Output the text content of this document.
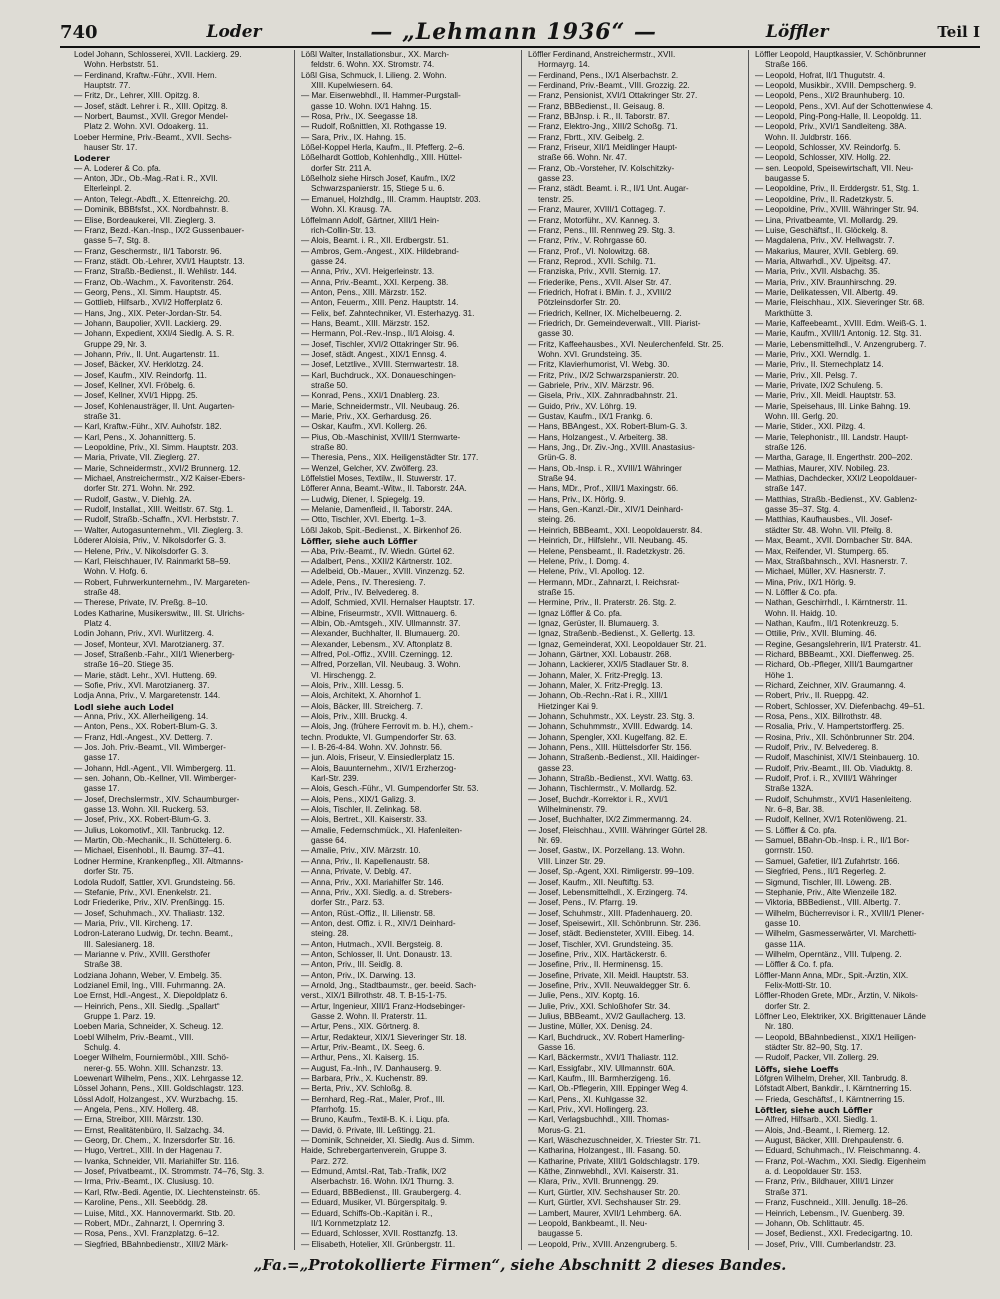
740	Loder	— „Lehmann 1936“ —	Löffler	Teil I
Lodel Johann, Schlosserei, XVII. Lackierg. 29.
Wohn. Herbststr. 51.
— Ferdinand, Kraftw.-Führ., XVII. Hern.
Hauptstr. 77.
— Fritz, Dr., Lehrer, XIII. Opitzg. 8.
— Josef, städt. Lehrer i. R., XIII. Opitzg. 8.
— Norbert, Baumst., XVII. Gregor Mendel-
Platz 2. Wohn. XVI. Odoakerg. 11.
Loeber Hermine, Priv.-Beamt., XVII. Sechs-
hauser Str. 17.
Loderer
— A. Loderer & Co. pfa.
— Anton, JDr., Ob.-Mag.-Rat i. R., XVII.
Elterleinpl. 2.
— Anton, Telegr.-Abdft., X. Ettenreichg. 20.
— Dominik, BBBfsfst., XX. Nordbahnstr. 8.
— Elise, Bordeaukerei, VII. Zieglerg. 3.
— Franz, Bezd.-Kan.-Insp., IX/2 Gussenbauer-
gasse 5–7, Stg. 8.
— Franz, Geschermstr., II/1 Taborstr. 96.
— Franz, städt. Ob.-Lehrer, XVI/1 Hauptstr. 13.
— Franz, Straßb.-Bedienst., II. Wehlistr. 144.
— Franz, Ob.-Wachm., X. Favoritenstr. 264.
— Georg, Pens., XI. Simm. Hauptstr. 45.
— Gottlieb, Hilfsarb., XVI/2 Hofferplatz 6.
— Hans, Jng., XIX. Peter-Jordan-Str. 54.
— Johann, Baupolier, XVII. Lackierg. 29.
— Johann, Expedient, XXI/4 Siedlg. A. S. R.
Gruppe 29, Nr. 3.
— Johann, Priv., II. Unt. Augartenstr. 11.
— Josef, Bäcker, XV. Herklotzg. 24.
— Josef, Kaufm., XIV. Reindorfg. 11.
— Josef, Kellner, XVI. Fröbelg. 6.
— Josef, Kellner, XVI/1 Hippg. 25.
— Josef, Kohlenausträger, II. Unt. Augarten-
straße 31.
— Karl, Kraftw.-Führ., XIV. Auhofstr. 182.
— Karl, Pens., X. Johannitterg. 5.
— Leopoldine, Priv., XI. Simm. Hauptstr. 203.
— Maria, Private, VII. Zieglerg. 27.
— Marie, Schneidermstr., XVI/2 Brunnerg. 12.
— Michael, Anstreichermstr., X/2 Kaiser-Ebers-
dorfer Str. 271. Wohn. Nr. 292.
— Rudolf, Gastw., V. Diehlg. 2A.
— Rudolf, Installat., XIII. Weitlstr. 67. Stg. 1.
— Rudolf, Straßb.-Schaffn., XVI. Herbststr. 7.
— Walter, Autogasunternehm., VII. Zieglerg. 3.
Löderer Aloisia, Priv., V. Nikolsdorfer G. 3.
— Helene, Priv., V. Nikolsdorfer G. 3.
— Karl, Fleischhauer, IV. Rainmarkt 58–59.
Wohn. V. Hofg. 6.
— Robert, Fuhrwerkunternehm., IV. Margareten-
straße 48.
— Therese, Private, IV. Preßg. 8–10.
Lodes Katharine, Musikerswitw., III. St. Ulrichs-
Platz 4.
Lodin Johann, Priv., XVI. Wurlitzerg. 4.
— Josef, Monteur, XVI. Marotzianerg. 37.
— Josef, Straßenb.-Fahr., XII/1 Wienerberg-
straße 16–20. Stiege 35.
— Marie, städt. Lehr., XVI. Hutteng. 69.
— Sofie, Priv., XVI. Marotzianerg. 37.
Lodja Anna, Priv., V. Margaretenstr. 144.
Lodl siehe auch Lodel
— Anna, Priv., XX. Allerheiligeng. 14.
— Anton, Pens., XX. Robert-Blum-G. 3.
— Franz, Hdl.-Angest., XV. Detterg. 7.
— Jos. Joh. Priv.-Beamt., VII. Wimberger-
gasse 17.
— Johann, Hdl.-Agent., VII. Wimbergerg. 11.
— sen. Johann, Ob.-Kellner, VII. Wimberger-
gasse 17.
— Josef, Drechslermstr., XIV. Schaumburger-
gasse 13. Wohn. XII. Ruckerg. 53.
— Josef, Priv., XX. Robert-Blum-G. 3.
— Julius, Lokomotivf., XII. Tanbruckg. 12.
— Martin, Ob.-Mechanik., II. Schüttelerg. 6.
— Michael, Eisenhobl., II. Baumg. 37–41.
Lodner Hermine, Krankenpfleg., XII. Altmanns-
dorfer Str. 75.
Lodola Rudolf, Sattler, XVI. Grundsteing. 56.
— Stefanie, Priv., XVI. Enenkelstr. 21.
Lodr Friederike, Priv., XIV. Prenßingg. 15.
— Josef, Schuhmach., XV. Thaliastr. 132.
— Maria, Priv., VII. Kircheng. 17.
Lodron-Laterano Ludwig, Dr. techn. Beamt.,
III. Salesianerg. 18.
— Marianne v. Priv., XVIII. Gersthofer
Straße 38.
Lodziana Johann, Weber, V. Embelg. 35.
Lodzianel Emil, Ing., VIII. Fuhrmanng. 2A.
Loe Ernst, Hdl.-Angest., X. Diepoldplatz 6.
— Heinrich, Pens., XII. Siedlg. „Spallart“
Gruppe 1. Parz. 19.
Loeben Maria, Schneider, X. Scheug. 12.
Loebl Wilhelm, Priv.-Beamt., VIII.
Schulg. 4.
Loeger Wilhelm, Fourniermöbl., XIII. Schö-
nerer-g. 55. Wohn. XIII. Schanzstr. 13.
Loewenart Wilhelm, Pens., XIX. Lehrgasse 12.
Lössel Johann, Pens., XIII. Goldschlagstr. 123.
Lössl Adolf, Holzangest., XV. Wurzbachg. 15.
— Angela, Pens., XIV. Hollerg. 48.
— Erna, Streibor, XIII. Märzstr. 130.
— Ernst, Realitätenbüro, II. Salzachg. 34.
— Georg, Dr. Chem., X. Inzersdorfer Str. 16.
— Hugo, Vertret., XIII. In der Hagenau 7.
— Ivanka, Schneider, VII. Mariahilfer Str. 116.
— Josef, Privatbeamt., IX. Strommstr. 74–76, Stg. 3.
— Irma, Priv.-Beamt., IX. Clusiusg. 10.
— Karl, Rfw.-Bedi. Agentie, IX. Liechtensteinstr. 65.
— Karoline, Pens., XII. Seebödg. 28.
— Luise, Mitd., XX. Hannovermarkt. Stb. 20.
— Robert, MDr., Zahnarzt, I. Opernring 3.
— Rosa, Pens., XVI. Franzplatzg. 6–12.
— Siegfried, BBahnbedienstr., XIII/2 Märk-
Lößl Walter, Installationsbur., XX. March-
feldstr. 6. Wohn. XX. Stromstr. 74.
Lößl Gisa, Schmuck, I. Lilieng. 2. Wohn.
XIII. Kupelwiesern. 64.
— Mar. Eisenwebhdl., II. Hammer-Purgstall-
gasse 10. Wohn. IX/1 Hahng. 15.
— Rosa, Priv., IX. Seegasse 18.
— Rudolf, Roßnittlen, XI. Rothgasse 19.
— Sara, Priv., IX. Hahng. 15.
Lößel-Koppel Herla, Kaufm., II. Pfefferg. 2–6.
Lößelhardt Gottlob, Kohlenhdlg., XIII. Hüttel-
dorfer Str. 211 A.
Lößelholz siehe Hirsch Josef, Kaufm., IX/2
Schwarzspanierstr. 15, Stiege 5 u. 6.
— Emanuel, Holzhdlg., III. Cramm. Hauptstr. 203.
Wohn. XI. Krausg. 7A.
Löffelmann Adolf, Gärtner, XIII/1 Hein-
rich-Collin-Str. 13.
— Alois, Beamt. i. R., XII. Erdbergstr. 51.
— Ambros, Gem.-Angest., XIX. Hildebrand-
gasse 24.
— Anna, Priv., XVI. Heigerleinstr. 13.
— Anna, Priv.-Beamt., XXI. Kerpeng. 38.
— Anton, Pens., XIII. Märzstr. 152.
— Anton, Feuerm., XIII. Penz. Hauptstr. 14.
— Felix, bef. Zahntechniker, VI. Esterhazyg. 31.
— Hans, Beamt., XIII. Märzstr. 152.
— Hermann, Pol.-Rev.-Insp., II/1 Aloisg. 4.
— Josef, Tischler, XVI/2 Ottakringer Str. 96.
— Josef, städt. Angest., XIX/1 Ennsg. 4.
— Josef, Letztlive., XVIII. Sternwartestr. 18.
— Karl, Buchdruck., XX. Donaueschingen-
straße 50.
— Konrad, Pens., XXI/1 Dnablerg. 23.
— Marie, Schneidermstr., VII. Neubaug. 26.
— Marie, Priv., XX. Gerhardusg. 26.
— Oskar, Kaufm., XVI. Kollerg. 26.
— Pius, Ob.-Maschinist, XVIII/1 Sternwarte-
straße 80.
— Theresia, Pens., XIX. Heiligenstädter Str. 177.
— Wenzel, Gelcher, XV. Zwölferg. 23.
Löffelstiel Moses, Textilw., II. Stuwerstr. 17.
Löfferer Anna, Beamt.-Witw., II. Taborstr. 24A.
— Ludwig, Diener, I. Spiegelg. 19.
— Melanie, Damenfleid., II. Taborstr. 24A.
— Otto, Tischler, XVI. Ebertg. 1–3.
Lößl Jakob, Spit.-Bedienst., X. Birkenhof 26.
Löffler, siehe auch Löffler
— Aba, Priv.-Beamt., IV. Wiedn. Gürtel 62.
— Adalbert, Pens., XXII/2 Kärtnerstr. 102.
— Adelbeid, Ob.-Mauer., XVIII. Vinzenzg. 52.
— Adele, Pens., IV. Theresieng. 7.
— Adolf, Priv., IV. Belvedereg. 8.
— Adolf, Schmied, XVII. Hernalser Hauptstr. 17.
— Albine, Friseurmstr., XVII. Wittnauerg. 6.
— Albin, Ob.-Amtsgeh., XIV. Ullmannstr. 37.
— Alexander, Buchhalter, II. Blumauerg. 20.
— Alexander, Lebensm., XV. Aftonplatz 8.
— Alfred, Pol.-Offiz., XVIII. Czerningg. 12.
— Alfred, Porzellan, VII. Neubaug. 3. Wohn.
VI. Hirschengg. 2.
— Alois, Priv., XIII. Lessg. 5.
— Alois, Architekt, X. Ahornhof 1.
— Alois, Bäcker, III. Streicherg. 7.
— Alois, Priv., XIII. Bruckg. 4.
— Alois, Jng. (frühere Ferrovit m. b. H.), chem.-
techn. Produkte, VI. Gumpendorfer Str. 63.
— I. B-26-4-84. Wohn. XV. Johnstr. 56.
— jun. Alois, Friseur, V. Einsiedlerplatz 15.
— Alois, Bauunternehm., XIV/1 Erzherzog-
Karl-Str. 239.
— Alois, Gesch.-Führ., VI. Gumpendorfer Str. 53.
— Alois, Pens., XIX/1 Galizg. 3.
— Alois, Tischler, II. Zelinkag. 58.
— Alois, Bertret., XII. Kaiserstr. 33.
— Amalie, Federnschmück., XI. Hafenleiten-
gasse 64.
— Amalie, Priv., XIV. Märzstr. 10.
— Anna, Priv., II. Kapellenaustr. 58.
— Anna, Private, V. Deblg. 47.
— Anna, Priv., XXI. Mariahilfer Str. 146.
— Anna, Priv., XXI. Siedlg. a. d. Strebers-
dorfer Str., Parz. 53.
— Anton, Rüst.-Offiz., II. Lilienstr. 58.
— Anton, dest. Offiz. i. R., XIV/1 Deinhard-
steing. 28.
— Anton, Hutmach., XVII. Bergsteig. 8.
— Anton, Schlosser, II. Unt. Donaustr. 13.
— Anton, Priv., III. Seidlg. 8.
— Anton, Priv., IX. Darwing. 13.
— Arnold, Jng., Stadtbaumstr., ger. beeid. Sach-
verst., XIX/1 Billrothstr. 48. T. B-15-1-75.
— Artur, Ingenieur, XIII/1 Franz-Hodsebinger-
Gasse 2. Wohn. II. Praterstr. 11.
— Artur, Pens., XIX. Görtnerg. 8.
— Artur, Redakteur, XIX/1 Sieveringer Str. 18.
— Artur, Priv.-Beamt., IX. Seeg. 6.
— Arthur, Pens., XI. Kaiserg. 15.
— August, Fa.-Inh., IV. Danhauserg. 9.
— Barbara, Priv., X. Kuchenstr. 89.
— Berta, Priv., XV. Schloßg. 8.
— Bernhard, Reg.-Rat., Maler, Prof., III.
Pfarrhofg. 15.
— Bruno, Kaufm., Textil-B. K. i. Liqu. pfa.
— David, ö. Private, III. Leßtingg. 21.
— Dominik, Schneider, XI. Siedlg. Aus d. Simm.
Haide, Schrebergartenverein, Gruppe 3.
Parz. 272.
— Edmund, Amtsl.-Rat, Tab.-Trafik, IX/2
Alserbachstr. 16. Wohn. IX/1 Thurng. 3.
— Eduard, BBBedienst., III. Graubergerg. 4.
— Eduard, Musiker, VI. Bürgerspitalg. 9.
— Eduard, Schiffs-Ob.-Kapitän i. R.,
II/1 Kornmetzplatz 12.
— Eduard, Schlosser, XVII. Rosttanzfg. 13.
— Elisabeth, Hotelier, XII. Grünbergstr. 11.
Löffler Ferdinand, Anstreichermstr., XVII.
Hormayrg. 14.
— Ferdinand, Pens., IX/1 Alserbachstr. 2.
— Ferdinand, Priv.-Beamt., VIII. Grozzig. 22.
— Franz, Pensionist, XVI/1 Ottakringer Str. 27.
— Franz, BBBedienst., II. Geisaug. 8.
— Franz, BBJnsp. i. R., II. Taborstr. 87.
— Franz, Elektro-Jng., XIII/2 Schoßg. 71.
— Franz, Fbrtt., XIV. Geibelg. 2.
— Franz, Friseur, XII/1 Meidlinger Haupt-
straße 66. Wohn. Nr. 47.
— Franz, Ob.-Vorsteher, IV. Kolschitzky-
gasse 23.
— Franz, städt. Beamt. i. R., II/1 Unt. Augar-
tenstr. 25.
— Franz, Maurer, XVIII/1 Cottageg. 7.
— Franz, Motorführ., XV. Kanneg. 3.
— Franz, Pens., III. Rennweg 29. Stg. 3.
— Franz, Priv., V. Rohrgasse 60.
— Franz, Prof., VI. Nolowitzg. 68.
— Franz, Reprod., XVII. Schilg. 71.
— Franziska, Priv., XVII. Sternig. 17.
— Friederike, Pens., XVII. Alser Str. 47.
— Friedrich, Hofrat i. BMin. f. J., XVIII/2
Pötzleinsdorfer Str. 20.
— Friedrich, Kellner, IX. Michelbeuerng. 2.
— Friedrich, Dr. Gemeindeverwalt., VIII. Piarist-
gasse 30.
— Fritz, Kaffeehausbes., XVI. Neulerchenfeld. Str. 25.
Wohn. XVI. Grundsteing. 35.
— Fritz, Klavierhumorist, VI. Webg. 30.
— Fritz, Priv., IX/2 Schwarzspanierstr. 20.
— Gabriele, Priv., XIV. Märzstr. 96.
— Gisela, Priv., XIX. Zahnradbahnstr. 21.
— Guido, Priv., XV. Löhrg. 19.
— Gustav, Kaufm., IX/1 Frankg. 6.
— Hans, BBAngest., XX. Robert-Blum-G. 3.
— Hans, Holzangest., V. Arbeiterg. 38.
— Hans, Jng., Dr. Ziv.-Jng., XVIII. Anastasius-
Grün-G. 8.
— Hans, Ob.-Insp. i. R., XVIII/1 Währinger
Straße 94.
— Hans, MDr., Prof., XIII/1 Maxingstr. 66.
— Hans, Priv., IX. Hörlg. 9.
— Hans, Gen.-Kanzl.-Dir., XIV/1 Deinhard-
steing. 26.
— Heinrich, BBBeamt., XXI. Leopoldauerstr. 84.
— Heinrich, Dr., Hilfslehr., VII. Neubang. 45.
— Helene, Pensbeamt., II. Radetzkystr. 26.
— Helene, Priv., I. Domg. 4.
— Helene, Priv., VI. Apollog. 12.
— Hermann, MDr., Zahnarzt, I. Reichsrat-
straße 15.
— Hermine, Priv., II. Praterstr. 26. Stg. 2.
— Ignaz Löffler & Co. pfa.
— Ignaz, Gerüster, II. Blumauerg. 3.
— Ignaz, Straßenb.-Bedienst., X. Gellertg. 13.
— Ignaz, Gemeinderat, XXI. Leopoldauer Str. 21.
— Johann, Gärtner, XXI. Lobaustr. 268.
— Johann, Lackierer, XXI/5 Stadlauer Str. 8.
— Johann, Maler, X. Fritz-Preglg. 13.
— Johann, Maler, X. Fritz-Preglg. 13.
— Johann, Ob.-Rechn.-Rat i. R., XIII/1
Hietzinger Kai 9.
— Johann, Schuhmstr., XX. Leystr. 23. Stg. 3.
— Johann, Schuhmmstr., XVIII. Edwardg. 14.
— Johann, Spengler, XXI. Kugelfang. 82. E.
— Johann, Pens., XIII. Hüttelsdorfer Str. 156.
— Johann, Straßenb.-Bedienst., XII. Haidinger-
gasse 23.
— Johann, Straßb.-Bedienst., XVI. Wattg. 63.
— Johann, Tischlermstr., V. Mollardg. 52.
— Josef, Buchdr.-Korrektor i. R., XVI/1
Wilhelminenstr. 79.
— Josef, Buchhalter, IX/2 Zimmermanng. 24.
— Josef, Fleischhau., XVIII. Währinger Gürtel 28.
Nr. 69.
— Josef, Gastw., IX. Porzellang. 13. Wohn.
VIII. Linzer Str. 29.
— Josef, Sp.-Agent, XXI. Rimligerstr. 99–109.
— Josef, Kaufm., XII. Neuftiftg. 53.
— Josef, Lebensmittelhdl., X. Erzingerg. 74.
— Josef, Pens., IV. Pfarrg. 19.
— Josef, Schuhmstr., XIII. Pfadenhauerg. 20.
— Josef, Speisewirt., XII. Schönbrunn. Str. 236.
— Josef, städt. Bediensteter, XVIII. Eibeg. 14.
— Josef, Tischler, XVI. Grundsteing. 35.
— Josefine, Priv., XIX. Hartäckerstr. 6.
— Josefine, Priv., II. Herminensg. 15.
— Josefine, Private, XII. Meidl. Hauptstr. 53.
— Josefine, Priv., XVII. Neuwaldegger Str. 6.
— Julie, Pens., XIV. Koptg. 16.
— Julie, Priv., XXI. Schloßhofer Str. 34.
— Julius, BBBeamt., XV/2 Gaullacherg. 13.
— Justine, Müller, XX. Denisg. 24.
— Karl, Buchdruck., XV. Robert Hamerling-
Gasse 16.
— Karl, Bäckermstr., XVI/1 Thaliastr. 112.
— Karl, Essigfabr., XIV. Ullmannstr. 60A.
— Karl, Kaufm., III. Barmherzigeng. 16.
— Karl, Ob.-Pflegerin, XIII. Eppinger Weg 4.
— Karl, Pens., XI. Kuhlgasse 32.
— Karl, Priv., XVI. Hollingerg. 23.
— Karl, Verlagsbuchhdl., XIII. Thomas-
Morus-G. 21.
— Karl, Wäschezuschneider, X. Triester Str. 71.
— Katharina, Holzangest., III. Fasang. 50.
— Katharine, Private, XIII/1 Goldschlagstr. 179.
— Käthe, Zinnwebhdl., XVI. Kaiserstr. 31.
— Klara, Priv., XVII. Brunnengg. 29.
— Kurt, Gürtler, XIV. Sechshauser Str. 20.
— Kurt, Gürtler, XVI. Sechshauser Str. 29.
— Lambert, Maurer, XVII/1 Lehmberg. 6A.
— Leopold, Bankbeamt., II. Neu-
baugasse 5.
— Leopold, Priv., XVIII. Anzengruberg. 5.
Löffler Leopold, Hauptkassier, V. Schönbrunner
Straße 166.
— Leopold, Hofrat, II/1 Thugutstr. 4.
— Leopold, Musikbir., XVIII. Dempscherg. 9.
— Leopold, Pens., XI/2 Braunhuberg. 10.
— Leopold, Pens., XVI. Auf der Schottenwiese 4.
— Leopold, Ping-Pong-Halle, II. Leopoldg. 11.
— Leopold, Priv., XVI/1 Sandleiteng. 38A.
Wohn. II. Juldbrstr. 166.
— Leopold, Schlosser, XV. Reindorfg. 5.
— Leopold, Schlosser, XIV. Hollg. 22.
— sen. Leopold, Speisewirtschaft, VII. Neu-
baugasse 5.
— Leopoldine, Priv., II. Erddergstr. 51, Stg. 1.
— Leopoldine, Priv., II. Radetzkystr. 5.
— Leopoldine, Priv., XVIII. Währinger Str. 94.
— Lina, Privatbeamte, VI. Mollardg. 29.
— Luise, Geschäftsf., II. Glöckelg. 8.
— Magdalena, Priv., XV. Hellwagstr. 7.
— Makarius, Maurer, XVII. Geblerg. 69.
— Maria, Altwarhdl., XV. Ujpeitsg. 47.
— Maria, Priv., XVII. Alsbachg. 35.
— Maria, Priv., XIV. Braunhirschng. 29.
— Marie, Delikatessen, VII. Albertg. 49.
— Marie, Fleischhau., XIX. Sieveringer Str. 68.
Markthütte 3.
— Marie, Kaffeebeamt., XVIII. Edm. Weiß-G. 1.
— Marie, Kaufm., XVIII/1 Antonig. 12. Stg. 31.
— Marie, Lebensmittelhdl., V. Anzengruberg. 7.
— Marie, Priv., XXI. Werndlg. 1.
— Marie, Priv., II. Sternechplatz 14.
— Marie, Priv., XII. Pelsg. 7.
— Marie, Private, IX/2 Schuleng. 5.
— Marie, Priv., XII. Meidl. Hauptstr. 53.
— Marie, Speisehaus, III. Linke Bahng. 19.
Wohn. III. Gerlg. 20.
— Marie, Stider., XXI. Pilzg. 4.
— Marie, Telephonistr., III. Landstr. Haupt-
straße 126.
— Martha, Garage, II. Engerthstr. 200–202.
— Mathias, Maurer, XIV. Nobileg. 23.
— Mathias, Dachdecker, XXI/2 Leopoldauer-
straße 147.
— Matthias, Straßb.-Bedienst., XV. Gablenz-
gasse 35–37. Stg. 4.
— Matthias, Kaufhausbes., VII. Josef-
städter Str. 48. Wohn. VII. Pfeilg. 8.
— Max, Beamt., XVII. Dornbacher Str. 84A.
— Max, Reifender, VI. Stumperg. 65.
— Max, Straßbahnsch., XVI. Hasnerstr. 7.
— Michael, Müller, XV. Hasnerstr. 7.
— Mina, Priv., IX/1 Hörlg. 9.
— N. Löffler & Co. pfa.
— Nathan, Geschirrhdl., I. Kärntnerstr. 11.
Wohn. II. Haidg. 10.
— Nathan, Kaufm., II/1 Rotenkreuzg. 5.
— Ottilie, Priv., XVII. Bluming. 46.
— Regine, Gesangslehrerin, II/1 Praterstr. 41.
— Richard, BBBeamt., XXI. Dieffenweg. 25.
— Richard, Ob.-Pfleger, XIII/1 Baumgartner
Höhe 1.
— Richard, Zeichner, XIV. Graumanng. 4.
— Robert, Priv., II. Rueppg. 42.
— Robert, Schlosser, XV. Diefenbachg. 49–51.
— Rosa, Pens., XIX. Billrothstr. 48.
— Rosalia, Priv., V. Hampertstorfferg. 25.
— Rosina, Priv., XII. Schönbrunner Str. 204.
— Rudolf, Priv., IV. Belvedereg. 8.
— Rudolf, Maschinist, XIV/1 Steinbauerg. 10.
— Rudolf, Priv.-Beamt., III. Ob. Viaduktg. 8.
— Rudolf, Prof. i. R., XVIII/1 Währinger
Straße 132A.
— Rudolf, Schuhmstr., XVI/1 Hasenleiteng.
Nr. 6–8, Bar. 38.
— Rudolf, Kellner, XV/1 Rotenlöweng. 21.
— S. Löffler & Co. pfa.
— Samuel, BBahn-Ob.-Insp. i. R., II/1 Bor-
gorrnstr. 150.
— Samuel, Gafetier, II/1 Zufahrtstr. 166.
— Siegfried, Pens., II/1 Regerleg. 2.
— Sigmund, Tischler, III. Löweng. 2B.
— Stephanie, Priv., Alte Wienzeile 182.
— Viktoria, BBBedienst., VIII. Albertg. 7.
— Wilhelm, Bücherrevisor i. R., XVIII/1 Plener-
gasse 10.
— Wilhelm, Gasmesserwärter, VI. Marchetti-
gasse 11A.
— Wilhelm, Operntänz., VIII. Tulpeng. 2.
— Löffler & Co. f. pfa.
Löffler-Mann Anna, MDr., Spit.-Ärztin, XIX.
Felix-Mottl-Str. 10.
Löffler-Rhoden Grete, MDr., Ärztin, V. Nikols-
dorfer Str. 2.
Löffner Leo, Elektriker, XX. Brigittenauer Lände
Nr. 180.
— Leopold, BBahnbedienst., XIX/1 Heiligen-
städter Str. 82–90, Stg. 17.
— Rudolf, Packer, VII. Zollerg. 29.
Löffs, siehe Loeffs
Löfgren Wilhelm, Dreher, XII. Tanbrudg. 8.
Löfstadt Albert, Bankdir., I. Kärntnerring 15.
— Frieda, Geschäftsf., I. Kärntnerring 15.
Löftler, siehe auch Löffler
— Alfred, Hilfsarb., XXI. Siedlg. 1.
— Alois, Jnd.-Beamt., I. Riemerg. 12.
— August, Bäcker, XIII. Drehpaulenstr. 6.
— Eduard, Schuhmach., IV. Fleischmanng. 4.
— Franz, Pol.-Wachm., XXI. Siedlg. Eigenheim
a. d. Leopoldauer Str. 153.
— Franz, Priv., Bildhauer, XIII/1 Linzer
Straße 371.
— Franz, Fuschneid., XIII. Jenullg. 18–26.
— Heinrich, Lebensm., IV. Guenberg. 39.
— Johann, Ob. Schlittautr. 45.
— Josef, Bedienst., XXI. Fredecigartng. 10.
— Josef, Priv., VIII. Cumberlandstr. 23.
„Fa.=„Protokollierte Firmen“, siehe Abschnitt 2 dieses Bandes.
